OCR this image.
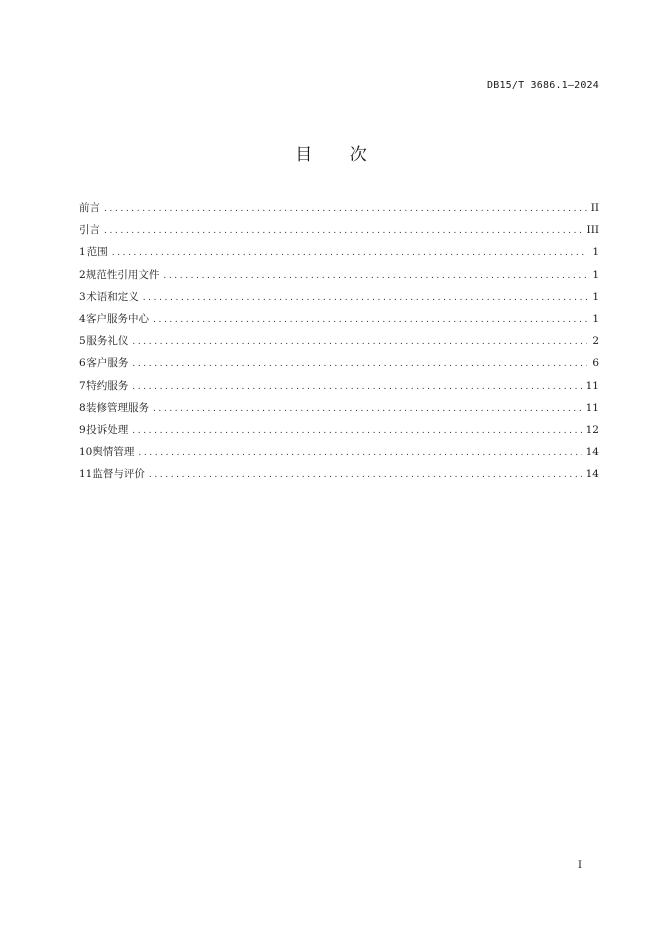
DB15/T 3686.1—2024
目 次
前言 .....	II
引言 .....	III
1 范围 .....	1
2 规范性引用文件 .....	1
3 术语和定义 .....	1
4 客户服务中心 .....	1
5 服务礼仪 .....	2
6 客户服务 .....	6
7 特约服务 .....	11
8 装修管理服务 .....	11
9 投诉处理 .....	12
10 舆情管理 .....	14
11 监督与评价 .....	14
I
